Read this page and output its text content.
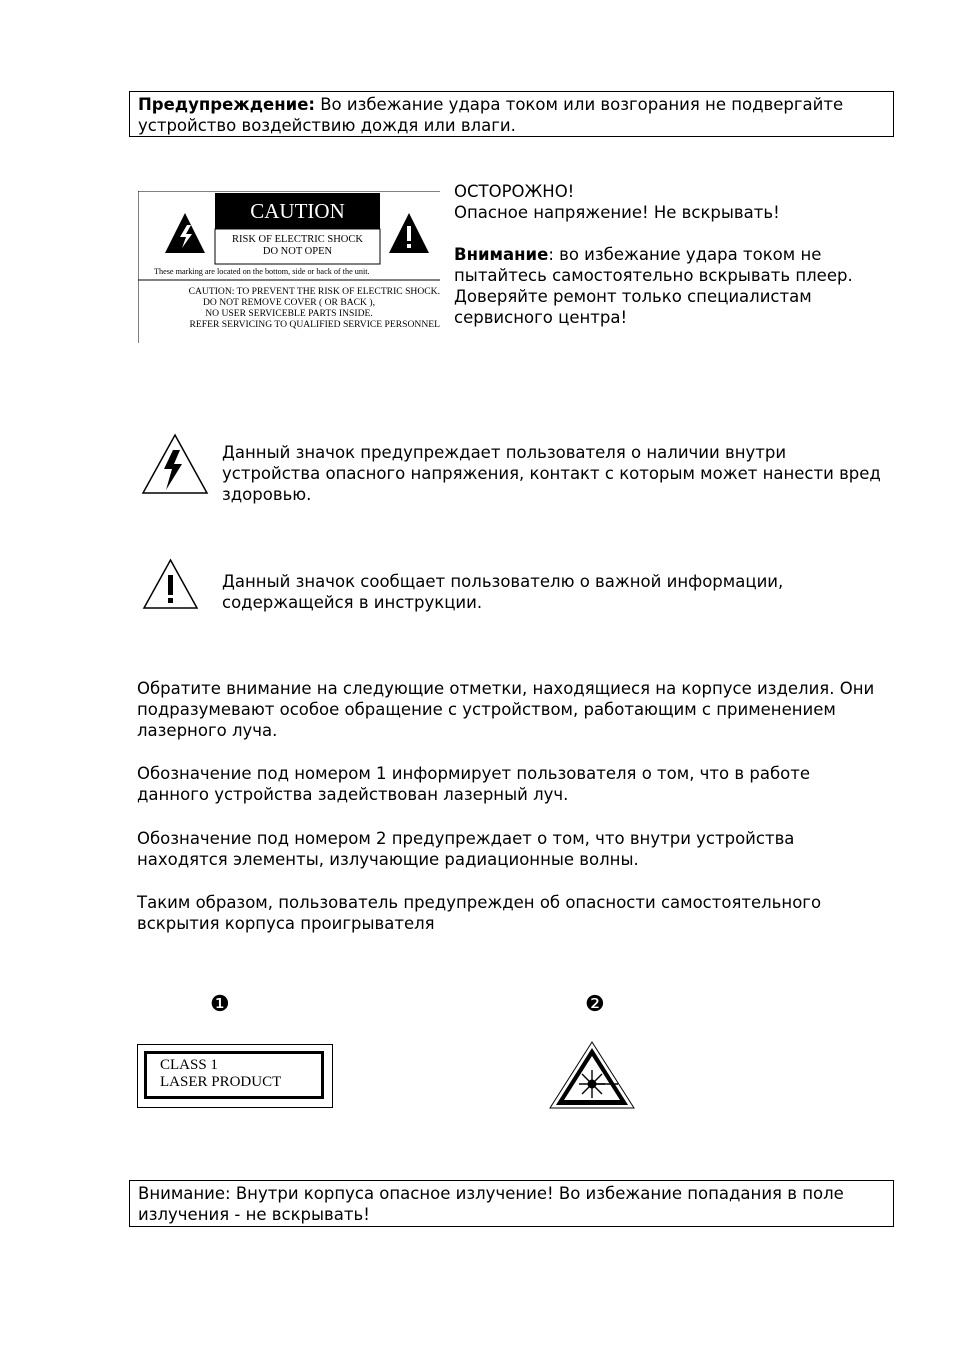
Предупреждение: Во избежание удара током или возгорания не подвергайте устройство воздействию дождя или влаги.
CAUTION
RISK OF ELECTRIC SHOCK
DO NOT OPEN
These marking are located on the bottom, side or back of the unit.
CAUTION: TO PREVENT THE RISK OF ELECTRIC SHOCK.
DO NOT REMOVE COVER ( OR BACK ),
NO USER SERVICEBLE PARTS INSIDE.
REFER SERVICING TO QUALIFIED SERVICE PERSONNEL
ОСТОРОЖНО!
Опасное напряжение! Не вскрывать!
Внимание: во избежание удара током не пытайтесь самостоятельно вскрывать плеер. Доверяйте ремонт только специалистам сервисного центра!
Данный значок предупреждает пользователя о наличии внутри устройства опасного напряжения, контакт с которым может нанести вред здоровью.
Данный значок сообщает пользователю о важной информации, содержащейся в инструкции.

Обратите внимание на следующие отметки, находящиеся на корпусе изделия. Они подразумевают особое обращение с устройством, работающим с применением лазерного луча.

Обозначение под номером 1 информирует пользователя о том, что в работе данного устройства задействован лазерный луч.

Обозначение под номером 2 предупреждает о том, что внутри устройства находятся элементы, излучающие радиационные волны.

Таким образом, пользователь предупрежден об опасности самостоятельного вскрытия корпуса проигрывателя

❶	❷
CLASS 1
LASER PRODUCT
Внимание: Внутри корпуса опасное излучение! Во избежание попадания в поле излучения - не вскрывать!
